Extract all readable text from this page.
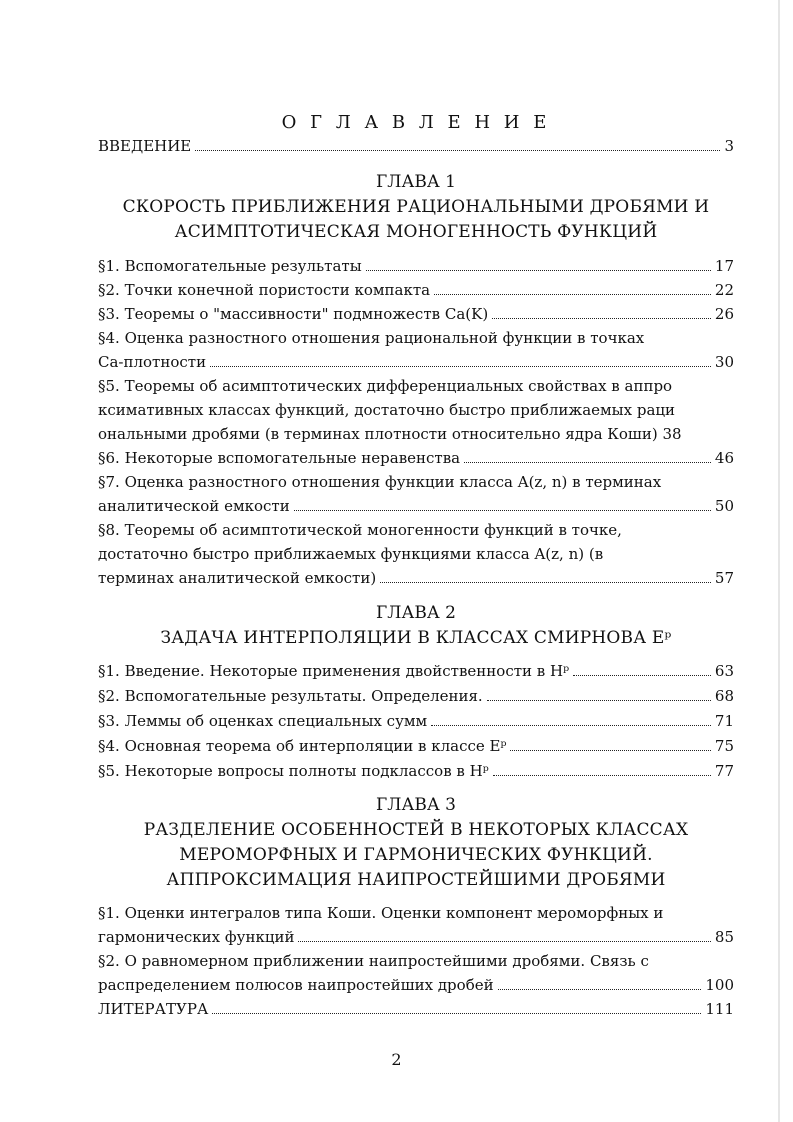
О Г Л А В Л Е Н И Е
ВВЕДЕНИЕ	3
ГЛАВА 1
СКОРОСТЬ ПРИБЛИЖЕНИЯ РАЦИОНАЛЬНЫМИ ДРОБЯМИ И
АСИМПТОТИЧЕСКАЯ МОНОГЕННОСТЬ ФУНКЦИЙ
§1. Вспомогательные результаты	17
§2. Точки конечной пористости компакта	22
§3. Теоремы о "массивности" подмножеств Ca(K)	26
§4. Оценка разностного отношения рациональной функции в точках
Ca-плотности	30
§5. Теоремы об асимптотических дифференциальных свойствах в аппро
ксимативных классах функций, достаточно быстро приближаемых раци
ональными дробями (в терминах плотности относительно ядра Коши) 38
§6. Некоторые вспомогательные неравенства	46
§7. Оценка разностного отношения функции класса A(z, n) в терминах
аналитической емкости	50
§8. Теоремы об асимптотической моногенности функций в точке,
достаточно быстро приближаемых функциями класса A(z, n) (в
терминах аналитической емкости)	57
ГЛАВА 2
ЗАДАЧА ИНТЕРПОЛЯЦИИ В КЛАССАХ СМИРНОВА Eᵖ
§1. Введение. Некоторые применения двойственности в Hᵖ	63
§2. Вспомогательные результаты. Определения.	68
§3. Леммы об оценках специальных сумм	71
§4. Основная теорема об интерполяции в классе Eᵖ	75
§5. Некоторые вопросы полноты подклассов в Hᵖ	77
ГЛАВА 3
РАЗДЕЛЕНИЕ ОСОБЕННОСТЕЙ В НЕКОТОРЫХ КЛАССАХ
МЕРОМОРФНЫХ И ГАРМОНИЧЕСКИХ ФУНКЦИЙ.
АППРОКСИМАЦИЯ НАИПРОСТЕЙШИМИ ДРОБЯМИ
§1. Оценки интегралов типа Коши. Оценки компонент мероморфных и
гармонических функций	85
§2. О равномерном приближении наипростейшими дробями. Связь с
распределением полюсов наипростейших дробей	100
ЛИТЕРАТУРА	111
2
